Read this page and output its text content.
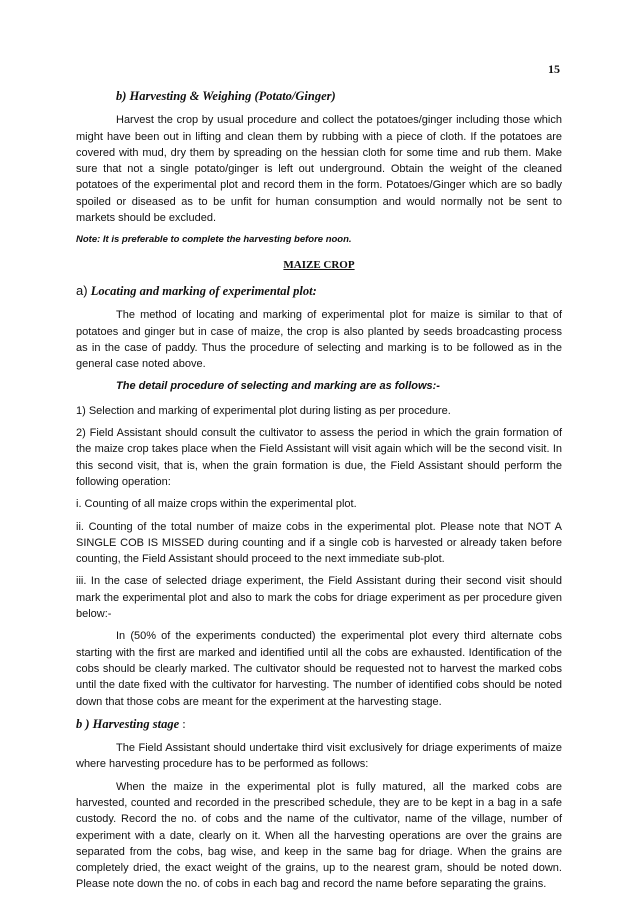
15
b) Harvesting & Weighing (Potato/Ginger)

Harvest the crop by usual procedure and collect the potatoes/ginger including those which might have been out in lifting and clean them by rubbing with a piece of cloth. If the potatoes are covered with mud, dry them by spreading on the hessian cloth for some time and rub them. Make sure that not a single potato/ginger is left out underground. Obtain the weight of the cleaned potatoes of the experimental plot and record them in the form. Potatoes/Ginger which are so badly spoiled or diseased as to be unfit for human consumption and would normally not be sent to markets should be excluded.

Note: It is preferable to complete the harvesting before noon.
MAIZE CROP
a) Locating and marking of experimental plot:

The method of locating and marking of experimental plot for maize is similar to that of potatoes and ginger but in case of maize, the crop is also planted by seeds broadcasting process as in the case of paddy. Thus the procedure of selecting and marking is to be followed as in the general case noted above.

The detail procedure of selecting and marking are as follows:-

1) Selection and marking of experimental plot during listing as per procedure.

2) Field Assistant should consult the cultivator to assess the period in which the grain formation of the maize crop takes place when the Field Assistant will visit again which will be the second visit. In this second visit, that is, when the grain formation is due, the Field Assistant should perform the following operation:

i. Counting of all maize crops within the experimental plot.

ii. Counting of the total number of maize cobs in the experimental plot. Please note that NOT A SINGLE COB IS MISSED during counting and if a single cob is harvested or already taken before counting, the Field Assistant should proceed to the next immediate sub-plot.

iii. In the case of selected driage experiment, the Field Assistant during their second visit should mark the experimental plot and also to mark the cobs for driage experiment as per procedure given below:-

In (50% of the experiments conducted) the experimental plot every third alternate cobs starting with the first are marked and identified until all the cobs are exhausted. Identification of the cobs should be clearly marked. The cultivator should be requested not to harvest the marked cobs until the date fixed with the cultivator for harvesting. The number of identified cobs should be noted down that those cobs are meant for the experiment at the harvesting stage.

b ) Harvesting stage :

The Field Assistant should undertake third visit exclusively for driage experiments of maize where harvesting procedure has to be performed as follows:

When the maize in the experimental plot is fully matured, all the marked cobs are harvested, counted and recorded in the prescribed schedule, they are to be kept in a bag in a safe custody. Record the no. of cobs and the name of the cultivator, name of the village, number of experiment with a date, clearly on it. When all the harvesting operations are over the grains are separated from the cobs, bag wise, and keep in the same bag for driage. When the grains are completely dried, the exact weight of the grains, up to the nearest gram, should be noted down. Please note down the no. of cobs in each bag and record the name before separating the grains.
